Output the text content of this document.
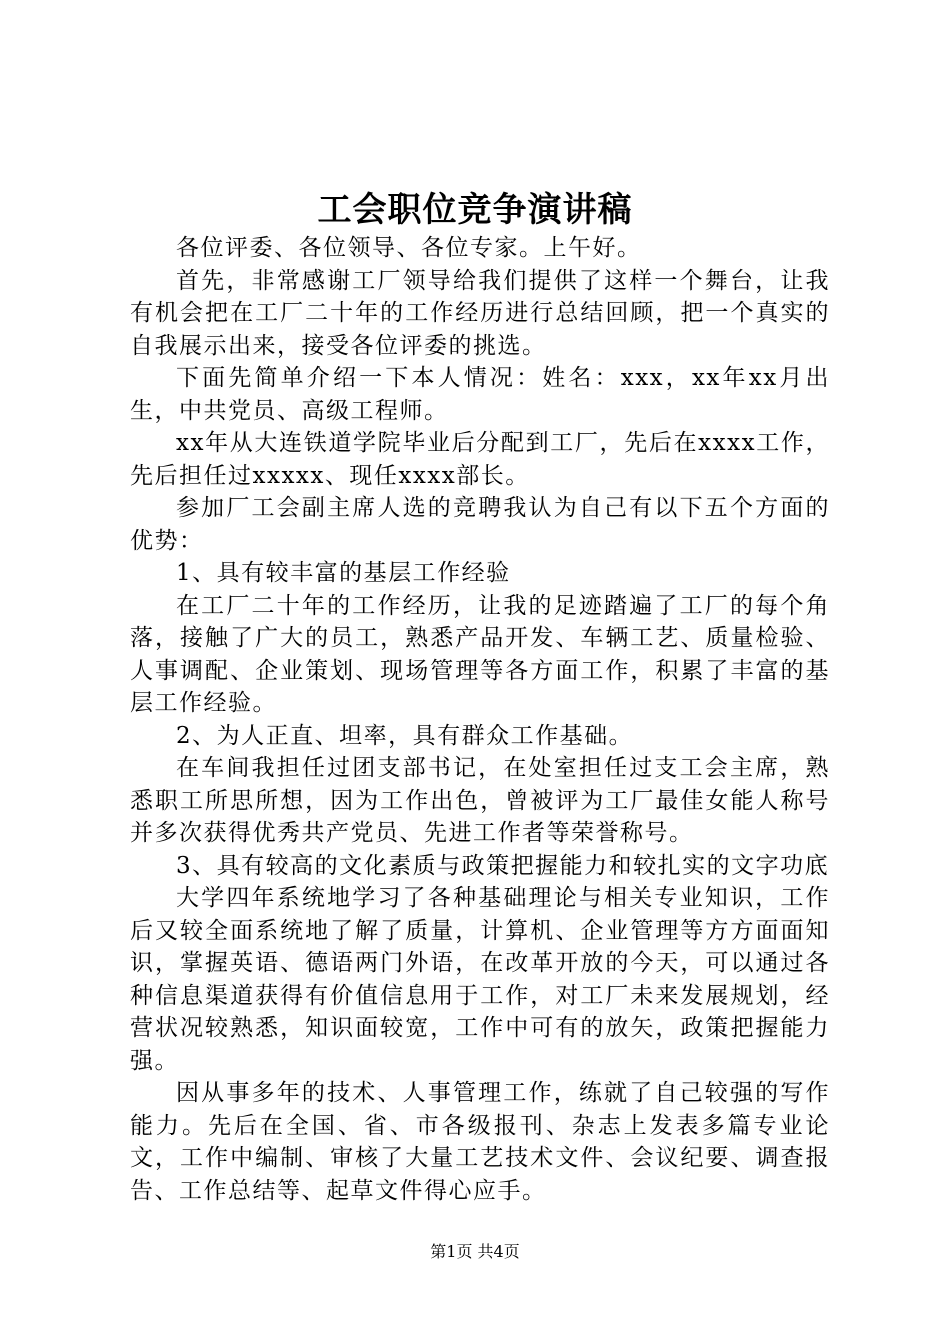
工会职位竞争演讲稿

各位评委、各位领导、各位专家。上午好。

首先，非常感谢工厂领导给我们提供了这样一个舞台，让我有机会把在工厂二十年的工作经历进行总结回顾，把一个真实的自我展示出来，接受各位评委的挑选。

下面先简单介绍一下本人情况：姓名：xxx，xx年xx月出生，中共党员、高级工程师。

xx年从大连铁道学院毕业后分配到工厂，先后在xxxx工作，先后担任过xxxxx、现任xxxx部长。

参加厂工会副主席人选的竞聘我认为自己有以下五个方面的优势：

1、具有较丰富的基层工作经验

在工厂二十年的工作经历，让我的足迹踏遍了工厂的每个角落，接触了广大的员工，熟悉产品开发、车辆工艺、质量检验、人事调配、企业策划、现场管理等各方面工作，积累了丰富的基层工作经验。

2、为人正直、坦率，具有群众工作基础。

在车间我担任过团支部书记，在处室担任过支工会主席，熟悉职工所思所想，因为工作出色，曾被评为工厂最佳女能人称号并多次获得优秀共产党员、先进工作者等荣誉称号。

3、具有较高的文化素质与政策把握能力和较扎实的文字功底

大学四年系统地学习了各种基础理论与相关专业知识，工作后又较全面系统地了解了质量，计算机、企业管理等方方面面知识，掌握英语、德语两门外语，在改革开放的今天，可以通过各种信息渠道获得有价值信息用于工作，对工厂未来发展规划，经营状况较熟悉，知识面较宽，工作中可有的放矢，政策把握能力强。

因从事多年的技术、人事管理工作，练就了自己较强的写作能力。先后在全国、省、市各级报刊、杂志上发表多篇专业论文，工作中编制、审核了大量工艺技术文件、会议纪要、调查报告、工作总结等、起草文件得心应手。

第1页 共4页
